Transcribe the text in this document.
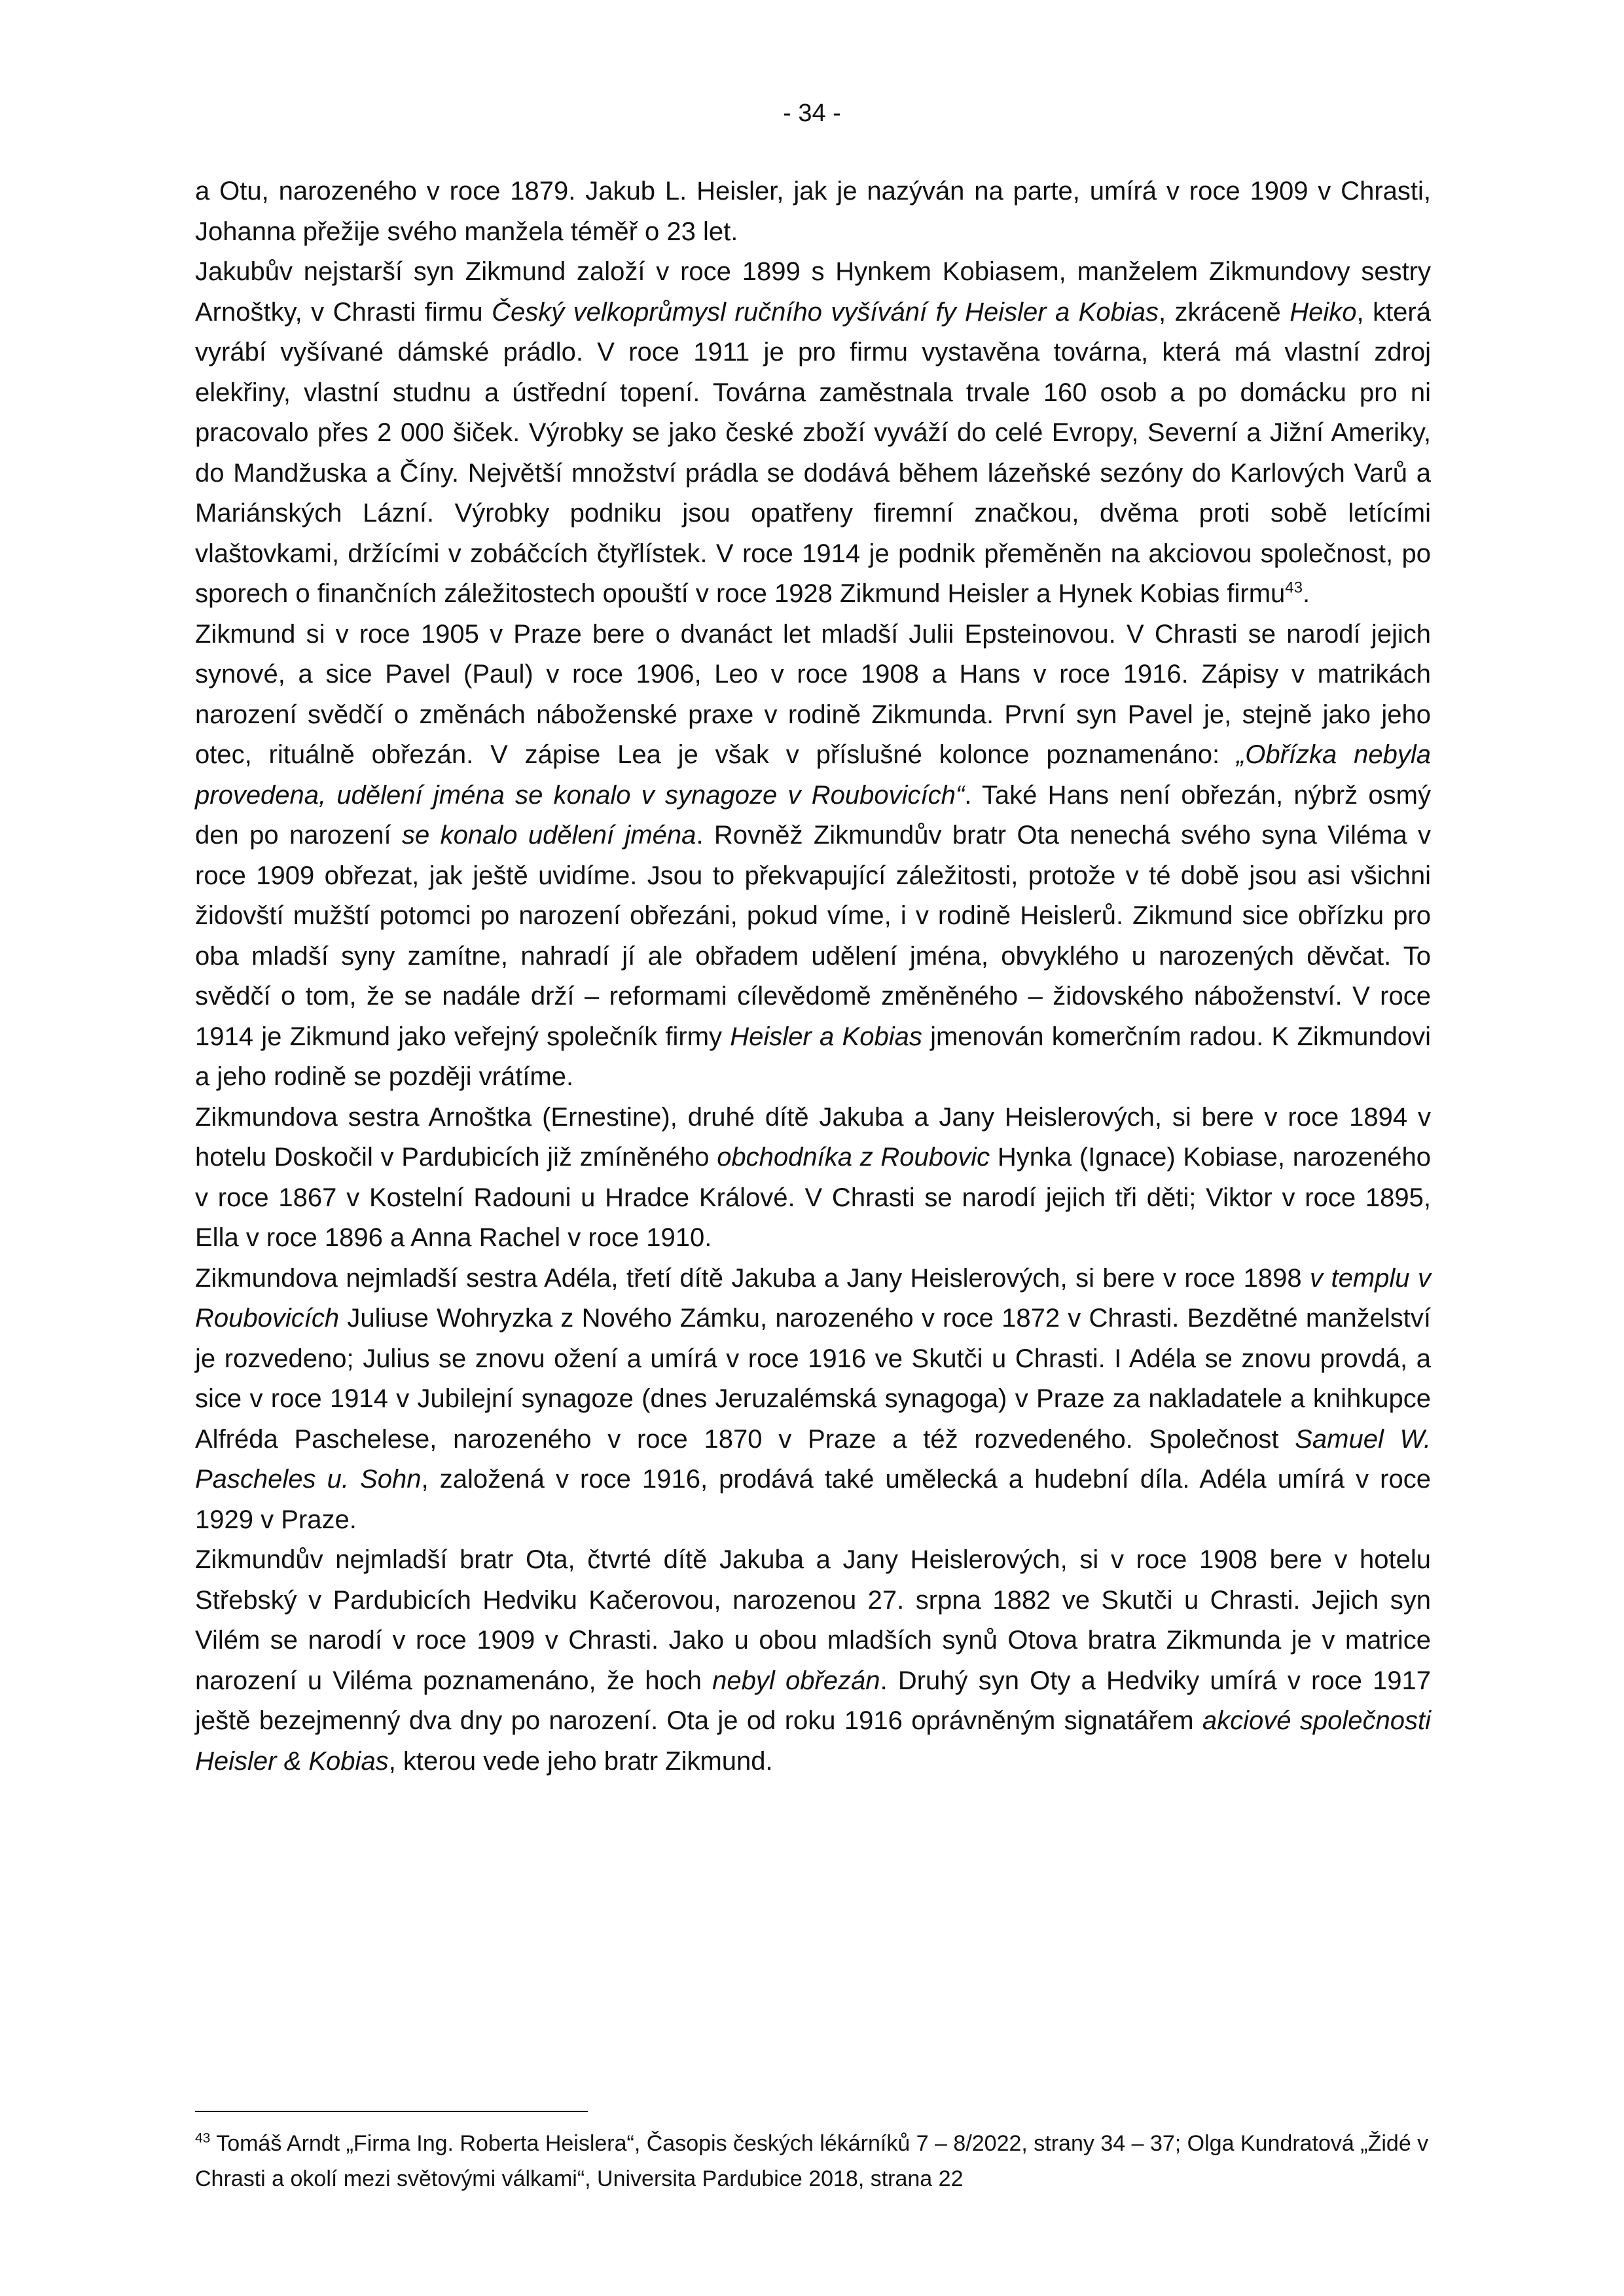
- 34 -

a Otu, narozeného v roce 1879. Jakub L. Heisler, jak je nazýván na parte, umírá v roce 1909 v Chrasti, Johanna přežije svého manžela téměř o 23 let.

Jakubův nejstarší syn Zikmund založí v roce 1899 s Hynkem Kobiasem, manželem Zikmundovy sestry Arnoštky, v Chrasti firmu Český velkoprůmysl ručního vyšívání fy Heisler a Kobias, zkráceně Heiko, která vyrábí vyšívané dámské prádlo. V roce 1911 je pro firmu vystavěna továrna, která má vlastní zdroj elekřiny, vlastní studnu a ústřední topení. Továrna zaměstnala trvale 160 osob a po domácku pro ni pracovalo přes 2 000 šiček. Výrobky se jako české zboží vyváží do celé Evropy, Severní a Jižní Ameriky, do Mandžuska a Číny. Největší množství prádla se dodává během lázeňské sezóny do Karlových Varů a Mariánských Lázní. Výrobky podniku jsou opatřeny firemní značkou, dvěma proti sobě letícími vlaštovkami, držícími v zobáčcích čtyřlístek. V roce 1914 je podnik přeměněn na akciovou společnost, po sporech o finančních záležitostech opouští v roce 1928 Zikmund Heisler a Hynek Kobias firmu$^{43}$.

Zikmund si v roce 1905 v Praze bere o dvanáct let mladší Julii Epsteinovou. V Chrasti se narodí jejich synové, a sice Pavel (Paul) v roce 1906, Leo v roce 1908 a Hans v roce 1916. Zápisy v matrikách narození svědčí o změnách náboženské praxe v rodině Zikmunda. První syn Pavel je, stejně jako jeho otec, rituálně obřezán. V zápise Lea je však v příslušné kolonce poznamenáno: „Obřízka nebyla provedena, udělení jména se konalo v synagoze v Roubovicích“. Také Hans není obřezán, nýbrž osmý den po narození se konalo udělení jména. Rovněž Zikmundův bratr Ota nenechá svého syna Viléma v roce 1909 obřezat, jak ještě uvidíme. Jsou to překvapující záležitosti, protože v té době jsou asi všichni židovští mužští potomci po narození obřezáni, pokud víme, i v rodině Heislerů. Zikmund sice obřízku pro oba mladší syny zamítne, nahradí jí ale obřadem udělení jména, obvyklého u narozených děvčat. To svědčí o tom, že se nadále drží – reformami cílevědomě změněného – židovského náboženství. V roce 1914 je Zikmund jako veřejný společník firmy Heisler a Kobias jmenován komerčním radou. K Zikmundovi a jeho rodině se později vrátíme.

Zikmundova sestra Arnoštka (Ernestine), druhé dítě Jakuba a Jany Heislerových, si bere v roce 1894 v hotelu Doskočil v Pardubicích již zmíněného obchodníka z Roubovic Hynka (Ignace) Kobiase, narozeného v roce 1867 v Kostelní Radouni u Hradce Králové. V Chrasti se narodí jejich tři děti; Viktor v roce 1895, Ella v roce 1896 a Anna Rachel v roce 1910.

Zikmundova nejmladší sestra Adéla, třetí dítě Jakuba a Jany Heislerových, si bere v roce 1898 v templu v Roubovicích Juliuse Wohryzka z Nového Zámku, narozeného v roce 1872 v Chrasti. Bezdětné manželství je rozvedeno; Julius se znovu ožení a umírá v roce 1916 ve Skutči u Chrasti. I Adéla se znovu provdá, a sice v roce 1914 v Jubilejní synagoze (dnes Jeruzalémská synagoga) v Praze za nakladatele a knihkupce Alfréda Paschelese, narozeného v roce 1870 v Praze a též rozvedeného. Společnost Samuel W. Pascheles u. Sohn, založená v roce 1916, prodává také umělecká a hudební díla. Adéla umírá v roce 1929 v Praze.

Zikmundův nejmladší bratr Ota, čtvrté dítě Jakuba a Jany Heislerových, si v roce 1908 bere v hotelu Střebský v Pardubicích Hedviku Kačerovou, narozenou 27. srpna 1882 ve Skutči u Chrasti. Jejich syn Vilém se narodí v roce 1909 v Chrasti. Jako u obou mladších synů Otova bratra Zikmunda je v matrice narození u Viléma poznamenáno, že hoch nebyl obřezán. Druhý syn Oty a Hedviky umírá v roce 1917 ještě bezejmenný dva dny po narození. Ota je od roku 1916 oprávněným signatářem akciové společnosti Heisler & Kobias, kterou vede jeho bratr Zikmund.

$^{43}$ Tomáš Arndt „Firma Ing. Roberta Heislera“, Časopis českých lékárníků 7 – 8/2022, strany 34 – 37; Olga Kundratová „Židé v Chrasti a okolí mezi světovými válkami“, Universita Pardubice 2018, strana 22
